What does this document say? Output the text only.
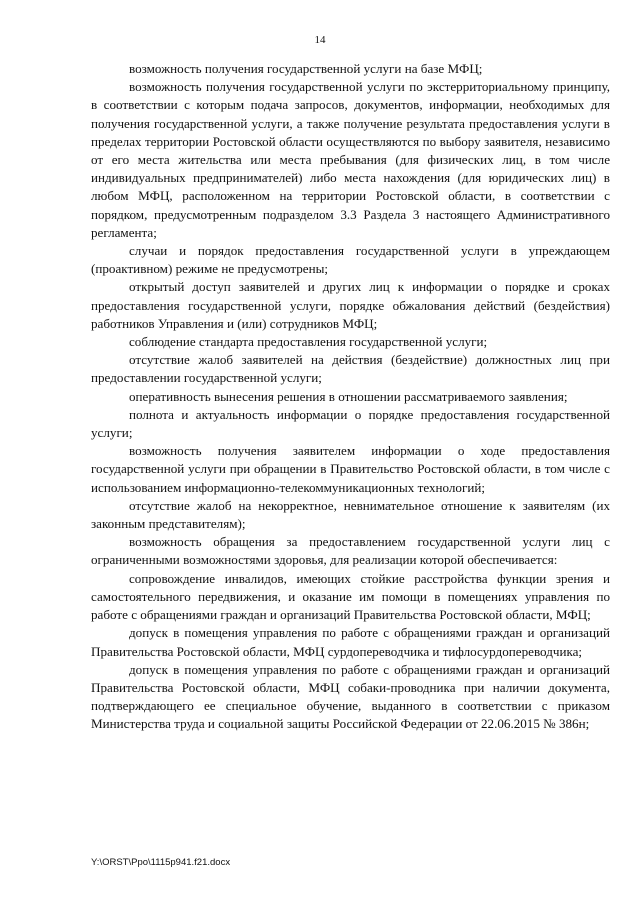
14

возможность получения государственной услуги на базе МФЦ;

возможность получения государственной услуги по экстерриториальному принципу, в соответствии с которым подача запросов, документов, информации, необходимых для получения государственной услуги, а также получение результата предоставления услуги в пределах территории Ростовской области осуществляются по выбору заявителя, независимо от его места жительства или места пребывания (для физических лиц, в том числе индивидуальных предпринимателей) либо места нахождения (для юридических лиц) в любом МФЦ, расположенном на территории Ростовской области, в соответствии с порядком, предусмотренным подразделом 3.3 Раздела 3 настоящего Административного регламента;

случаи и порядок предоставления государственной услуги в упреждающем (проактивном) режиме не предусмотрены;

открытый доступ заявителей и других лиц к информации о порядке и сроках предоставления государственной услуги, порядке обжалования действий (бездействия) работников Управления и (или) сотрудников МФЦ;

соблюдение стандарта предоставления государственной услуги;

отсутствие жалоб заявителей на действия (бездействие) должностных лиц при предоставлении государственной услуги;

оперативность вынесения решения в отношении рассматриваемого заявления;

полнота и актуальность информации о порядке предоставления государственной услуги;

возможность получения заявителем информации о ходе предоставления государственной услуги при обращении в Правительство Ростовской области, в том числе с использованием информационно-телекоммуникационных технологий;

отсутствие жалоб на некорректное, невнимательное отношение к заявителям (их законным представителям);

возможность обращения за предоставлением государственной услуги лиц с ограниченными возможностями здоровья, для реализации которой обеспечивается:

сопровождение инвалидов, имеющих стойкие расстройства функции зрения и самостоятельного передвижения, и оказание им помощи в помещениях управления по работе с обращениями граждан и организаций Правительства Ростовской области, МФЦ;

допуск в помещения управления по работе с обращениями граждан и организаций Правительства Ростовской области, МФЦ сурдопереводчика и тифлосурдопереводчика;

допуск в помещения управления по работе с обращениями граждан и организаций Правительства Ростовской области, МФЦ собаки-проводника при наличии документа, подтверждающего ее специальное обучение, выданного в соответствии с приказом Министерства труда и социальной защиты Российской Федерации от 22.06.2015 № 386н;

Y:\ORST\Ppo\1115p941.f21.docx
